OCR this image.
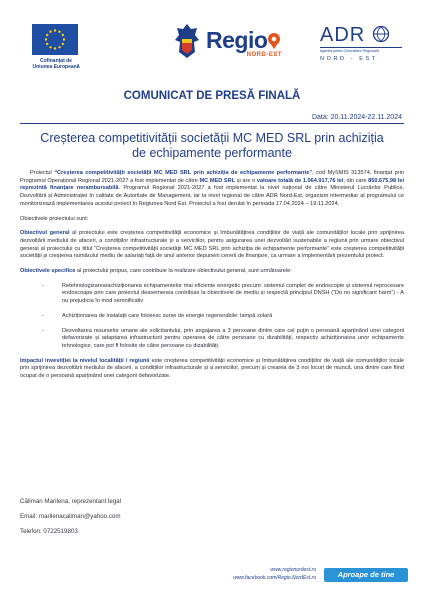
Cofinanțat de
Uniunea Europeană
Regio
NORD-EST
ADR
Agenția pentru Dezvoltare Regională
NORD - EST
COMUNICAT DE PRESĂ FINALĂ
Data: 20.11.2024-22.11.2024
Creșterea competitivității societății MC MED SRL prin achiziția de echipamente performante

Proiectul “Creșterea competitivității societății MC MED SRL prin achiziția de echipamente performante”, cod MySMIS 313574, finanțat prin Programul Operațional Regional 2021-2027 a fost implementat de către MC MED SRL și are o valoare totală de 1.064.917,76 lei, din care 850.675,98 lei reprezintă finanțare nerambursabilă. Programul Regional 2021-2027 a fost implementat la nivel național de către Ministerul Lucrărilor Publice, Dezvoltării și Administrației în calitate de Autoritate de Management, iar la nivel regional de către ADR Nord-Est, organism intermediar al programului ce monitorizează implementarea acestui proiect în Regiunea Nord Est. Proiectul a fost derulat în perioada 17.04.2024 – 19.11.2024.

Obiectivele proiectului sunt:

Obiectivul general al proiectului este creșterea competitivității economice și îmbunătățirea condițiilor de viață ale comunităților locale prin sprijinirea dezvoltării mediului de afaceri, a condițiilor infrastructurale și a serviciilor, pentru asigurarea unei dezvoltări sustenabile a regiunii prin urmare obiectivul general al proiectului cu titlul “Creșterea competitivității societății MC MED SRL prin achiziția de echipamente performante” este creșterea competitivității societății și creșterea numărului mediu de salariați față de anul anterior depunerii cererii de finanțare, ca urmare a implementării prezentului proiect.

Obiectivele specifice al proiectului propus, care contribuie la realizare obiectivului general, sunt următoarele:

-	Retehnologizarea/achiziționarea echipamentelor mai eficiente energetic precum: sistemul complet de endoscopie și sistemul reprocesare endoscoape prin care proiectul deasemenea contribuie la obiectivele de mediu și respectă principiul DNSH (“Do no significant harm”) - A nu prejudicia în mod semnificativ
-	Achiziționarea de instalații care folosesc surse de energie regenerabile: lampă solară
-	Dezvoltarea resurselor umane ale solicitantului, prin angajarea a 3 persoane dintre care cel puțin o persoană aparținând unei categorii defavorizate și adaptarea infrastructurii pentru operarea de către persoane cu dizabilități, respectiv achiziționarea unor echipamente tehnologice, care pot fi folosite de către persoane cu dizabilități.

Impactul investiției la nivelul localității / regiunii este creșterea competitivității economice și îmbunătățirea condițiilor de viață ale comunităților locale prin sprijinirea dezvoltării mediului de afaceri, a condițiilor infrastructurale și a serviciilor, precum și crearea de 3 noi locuri de muncă, una dintre care fiind ocupat de o persoană aparținând unei categorii defavorizate.

Căliman Marilena, reprezentant legal
Email: marilenacaliman@yahoo.com
Telefon: 0722519803
www.regionordest.ro
www.facebook.com/Regio.NordEst.ro	Aproape de tine
